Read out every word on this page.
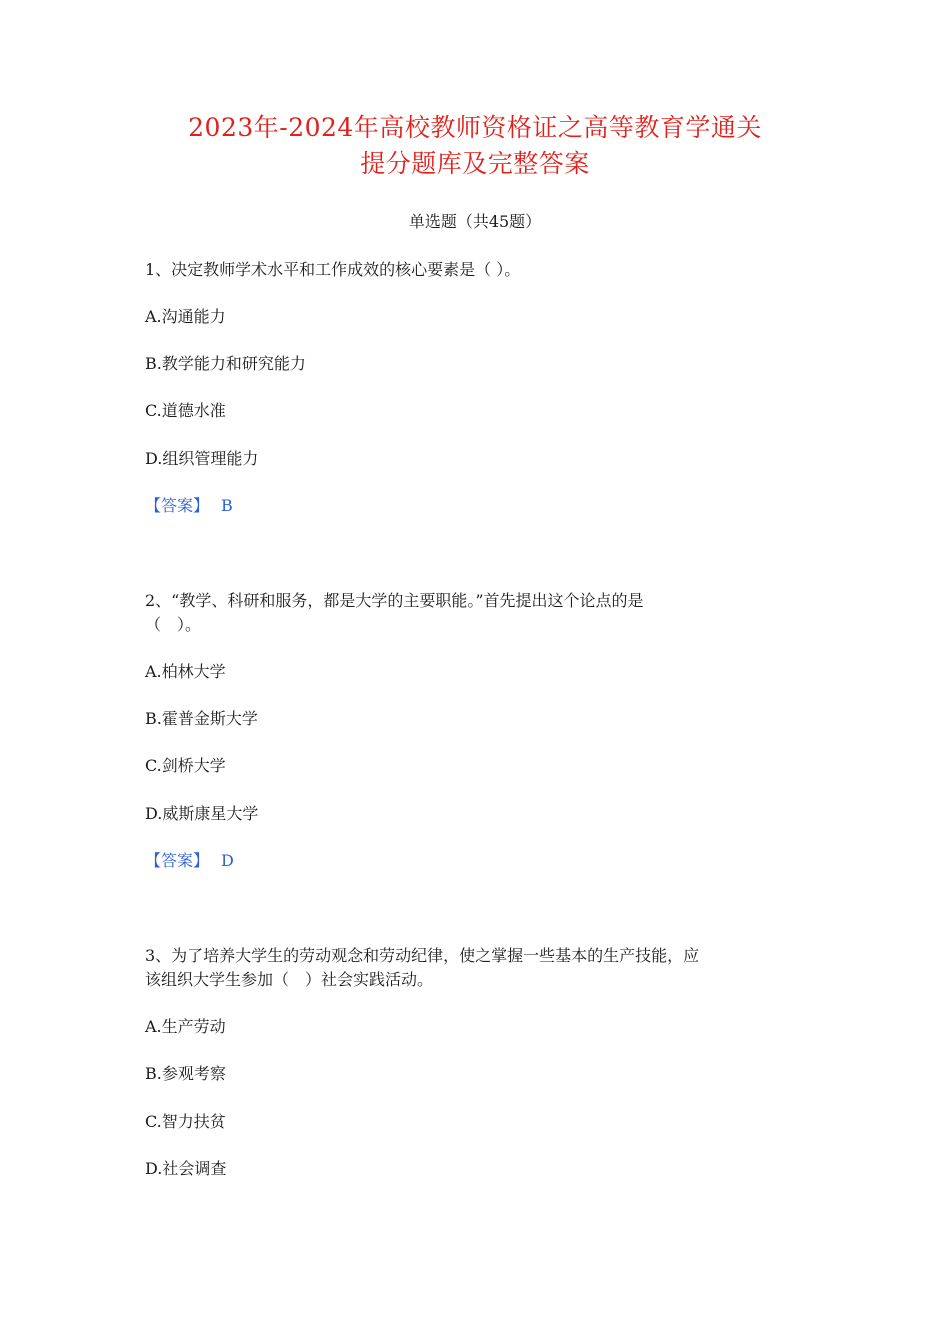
2023年-2024年高校教师资格证之高等教育学通关
提分题库及完整答案
单选题（共45题）
1、决定教师学术水平和工作成效的核心要素是（ ）。
A.沟通能力
B.教学能力和研究能力
C.道德水准
D.组织管理能力
【答案】 B
2、“教学、科研和服务，都是大学的主要职能。”首先提出这个论点的是
（　）。
A.柏林大学
B.霍普金斯大学
C.剑桥大学
D.威斯康星大学
【答案】 D
3、为了培养大学生的劳动观念和劳动纪律，使之掌握一些基本的生产技能，应
该组织大学生参加（　）社会实践活动。
A.生产劳动
B.参观考察
C.智力扶贫
D.社会调查
